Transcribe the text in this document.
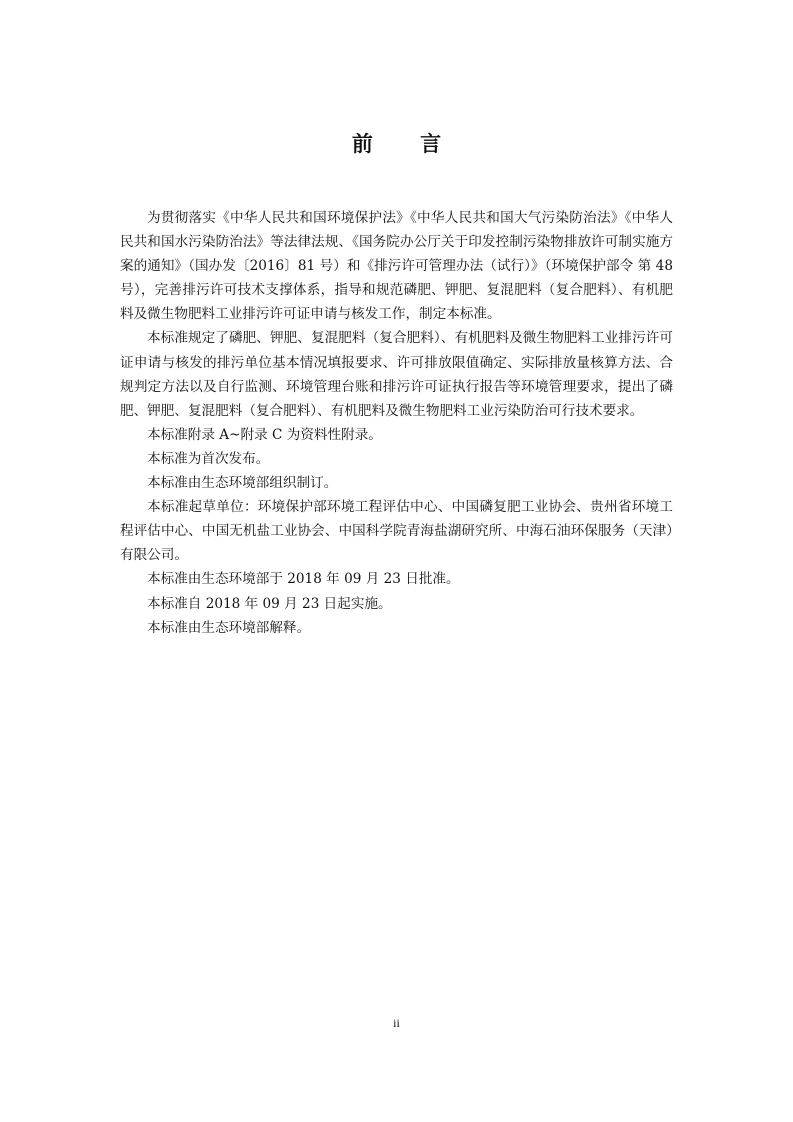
前 言

为贯彻落实《中华人民共和国环境保护法》《中华人民共和国大气污染防治法》《中华人民共和国水污染防治法》等法律法规、《国务院办公厅关于印发控制污染物排放许可制实施方案的通知》（国办发〔2016〕81 号）和《排污许可管理办法（试行）》（环境保护部令 第 48 号），完善排污许可技术支撑体系，指导和规范磷肥、钾肥、复混肥料（复合肥料）、有机肥料及微生物肥料工业排污许可证申请与核发工作，制定本标准。

本标准规定了磷肥、钾肥、复混肥料（复合肥料）、有机肥料及微生物肥料工业排污许可证申请与核发的排污单位基本情况填报要求、许可排放限值确定、实际排放量核算方法、合规判定方法以及自行监测、环境管理台账和排污许可证执行报告等环境管理要求，提出了磷肥、钾肥、复混肥料（复合肥料）、有机肥料及微生物肥料工业污染防治可行技术要求。

本标准附录 A~附录 C 为资料性附录。

本标准为首次发布。

本标准由生态环境部组织制订。

本标准起草单位：环境保护部环境工程评估中心、中国磷复肥工业协会、贵州省环境工程评估中心、中国无机盐工业协会、中国科学院青海盐湖研究所、中海石油环保服务（天津）有限公司。

本标准由生态环境部于 2018 年 09 月 23 日批准。

本标准自 2018 年 09 月 23 日起实施。

本标准由生态环境部解释。

ii
